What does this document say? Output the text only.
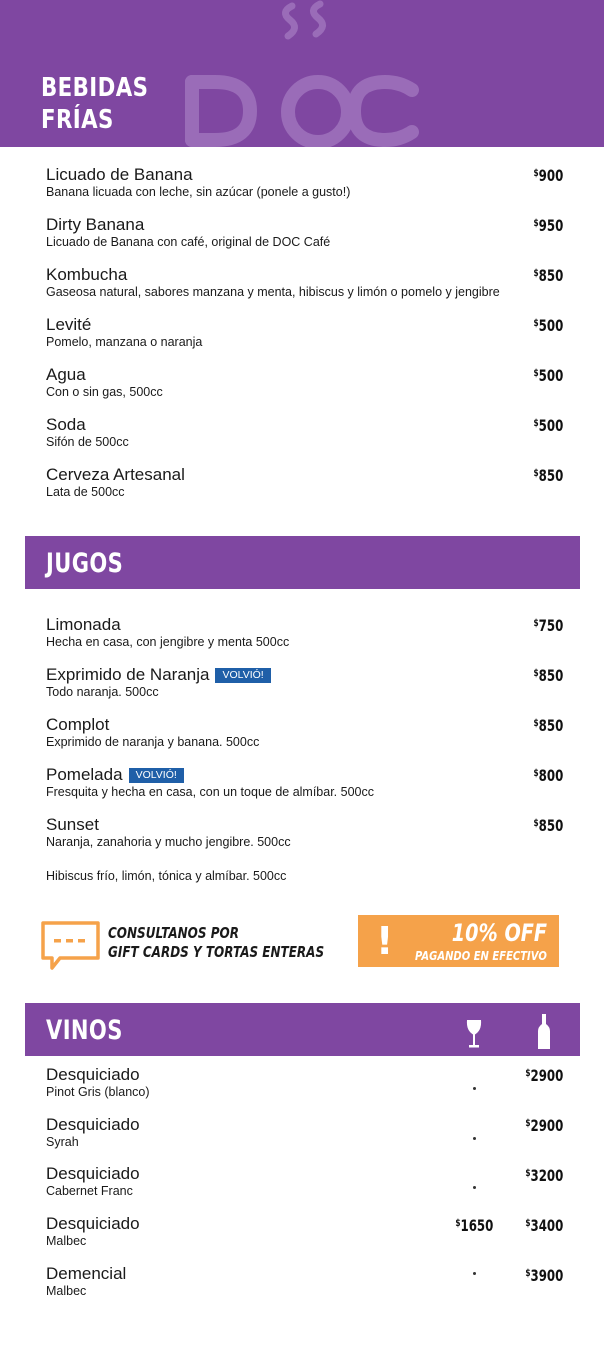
BEBIDAS
FRÍAS
Licuado de Banana
Banana licuada con leche, sin azúcar (ponele a gusto!)
$900
Dirty Banana
Licuado de Banana con café, original de DOC Café
$950
Kombucha
Gaseosa natural, sabores manzana y menta, hibiscus y limón o pomelo y jengibre
$850
Levité
Pomelo, manzana o naranja
$500
Agua
Con o sin gas, 500cc
$500
Soda
Sifón de 500cc
$500
Cerveza Artesanal
Lata de 500cc
$850
JUGOS
Limonada
Hecha en casa, con jengibre y menta 500cc
$750
Exprimido de Naranja VOLVIÓ!
Todo naranja. 500cc
$850
Complot
Exprimido de naranja y banana. 500cc
$850
Pomelada VOLVIÓ!
Fresquita y hecha en casa, con un toque de almíbar. 500cc
$800
Sunset
Naranja, zanahoria y mucho jengibre. 500cc
$850
Hibiscus frío, limón, tónica y almíbar. 500cc
CONSULTANOS POR
GIFT CARDS Y TORTAS ENTERAS ! 10% OFF
PAGANDO EN EFECTIVO
VINOS
Desquiciado
Pinot Gris (blanco)
$2900
Desquiciado
Syrah
$2900
Desquiciado
Cabernet Franc
$3200
Desquiciado
Malbec
$1650	$3400
Demencial
Malbec
$3900
